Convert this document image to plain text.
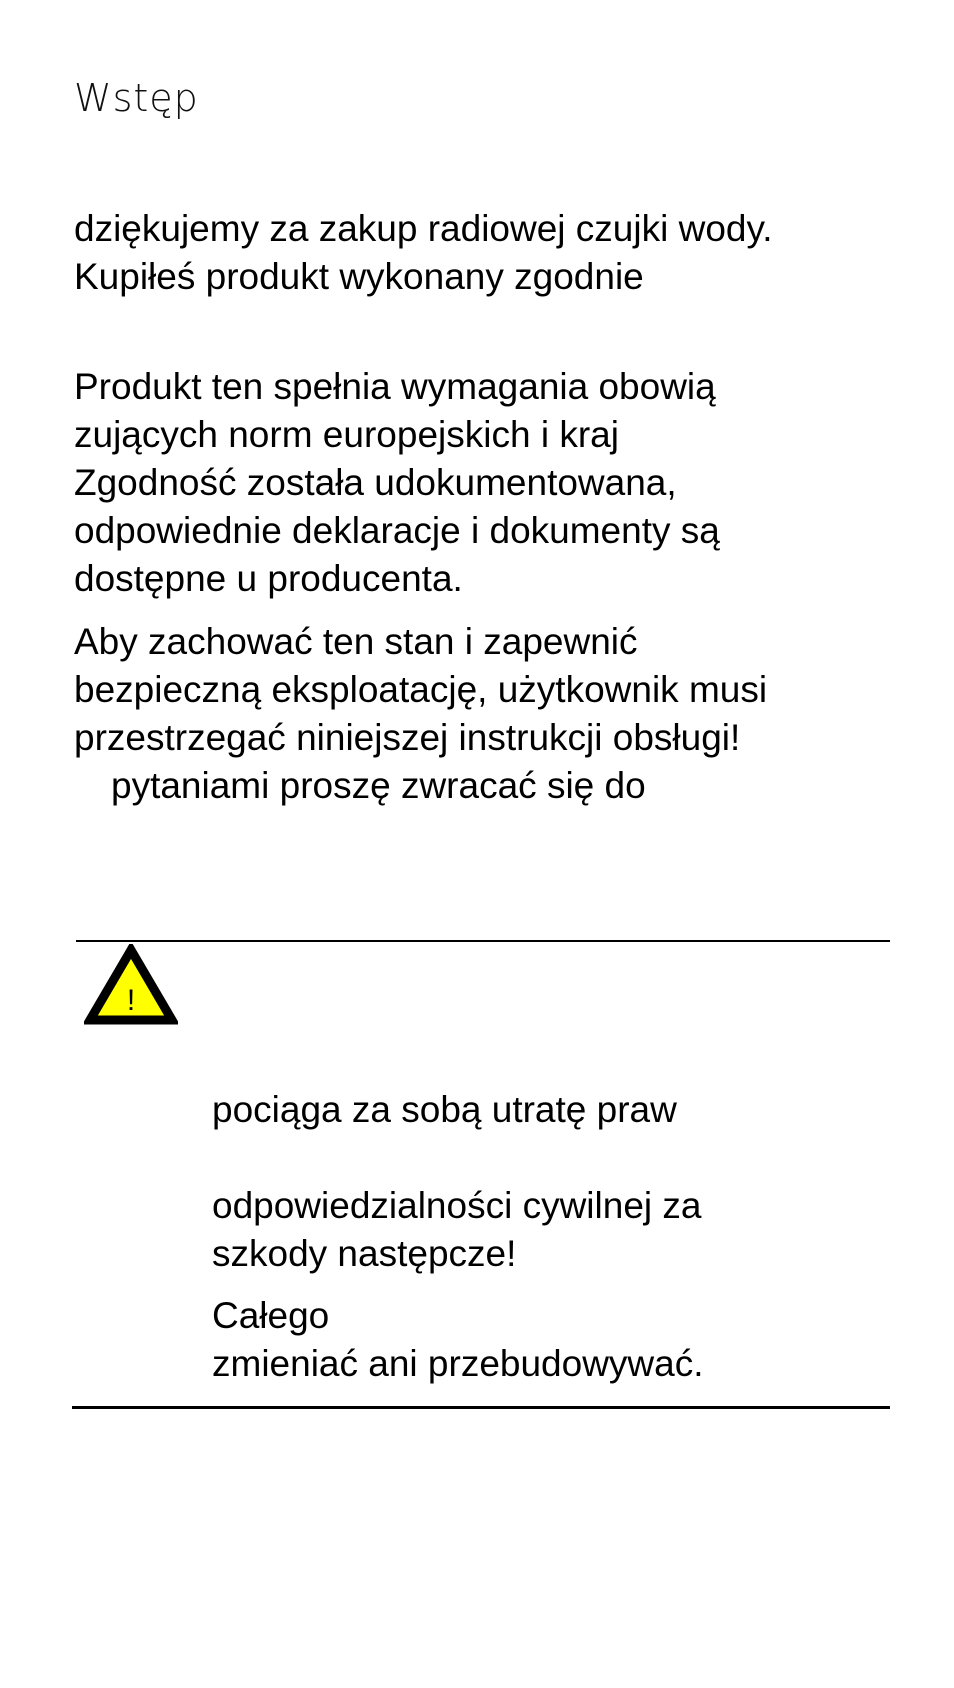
Wstęp
dziękujemy za zakup radiowej czujki wody.
Kupiłeś produkt wykonany zgodnie
Produkt ten spełnia wymagania obowią
zujących norm europejskich i kraj
Zgodność została udokumentowana,
odpowiednie deklaracje i dokumenty są
dostępne u producenta.
Aby zachować ten stan i zapewnić
bezpieczną eksploatację, użytkownik musi
przestrzegać niniejszej instrukcji obsługi!
pytaniami proszę zwracać się do
!
pociąga za sobą utratę praw
odpowiedzialności cywilnej za
szkody następcze!
Całego
zmieniać ani przebudowywać.
